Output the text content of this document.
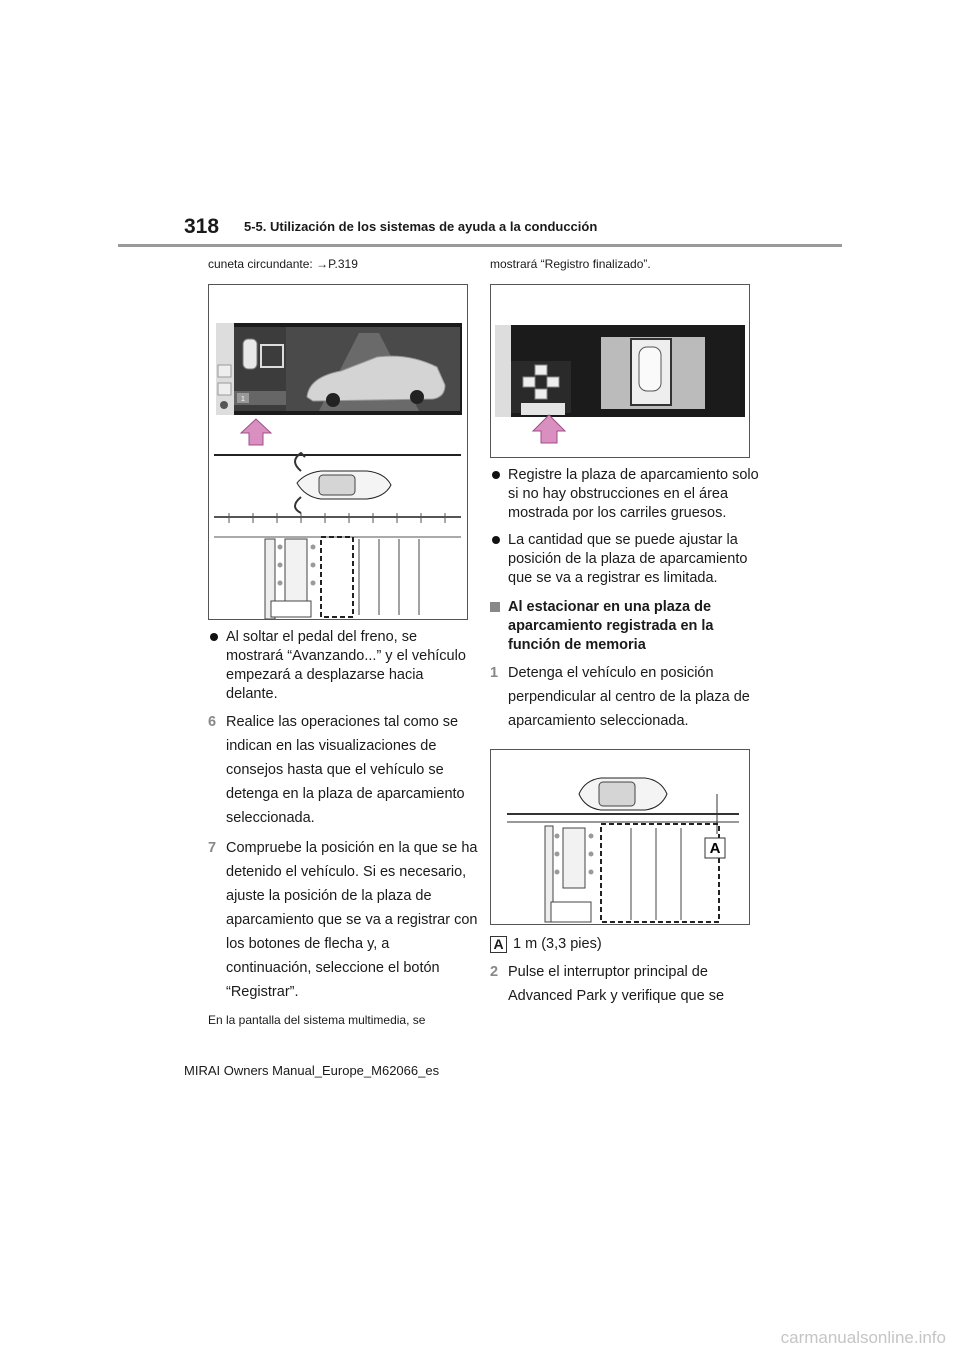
318 5-5. Utilización de los sistemas de ayuda a la conducción
cuneta circundante: →P.319
1
Al soltar el pedal del freno, se mostrará “Avanzando...” y el vehículo empezará a desplazarse hacia delante.
6 Realice las operaciones tal como se indican en las visualizaciones de consejos hasta que el vehículo se detenga en la plaza de aparcamiento seleccionada.
7 Compruebe la posición en la que se ha detenido el vehículo. Si es necesario, ajuste la posición de la plaza de aparcamiento que se va a registrar con los botones de flecha y, a continuación, seleccione el botón “Registrar”.
En la pantalla del sistema multimedia, se
mostrará “Registro finalizado”.
Registre la plaza de aparcamiento solo si no hay obstrucciones en el área mostrada por los carriles gruesos.
La cantidad que se puede ajustar la posición de la plaza de aparcamiento que se va a registrar es limitada.
Al estacionar en una plaza de aparcamiento registrada en la función de memoria
1 Detenga el vehículo en posición perpendicular al centro de la plaza de aparcamiento seleccionada.
A
A 1 m (3,3 pies)
2 Pulse el interruptor principal de Advanced Park y verifique que se
MIRAI Owners Manual_Europe_M62066_es
carmanualsonline.info
